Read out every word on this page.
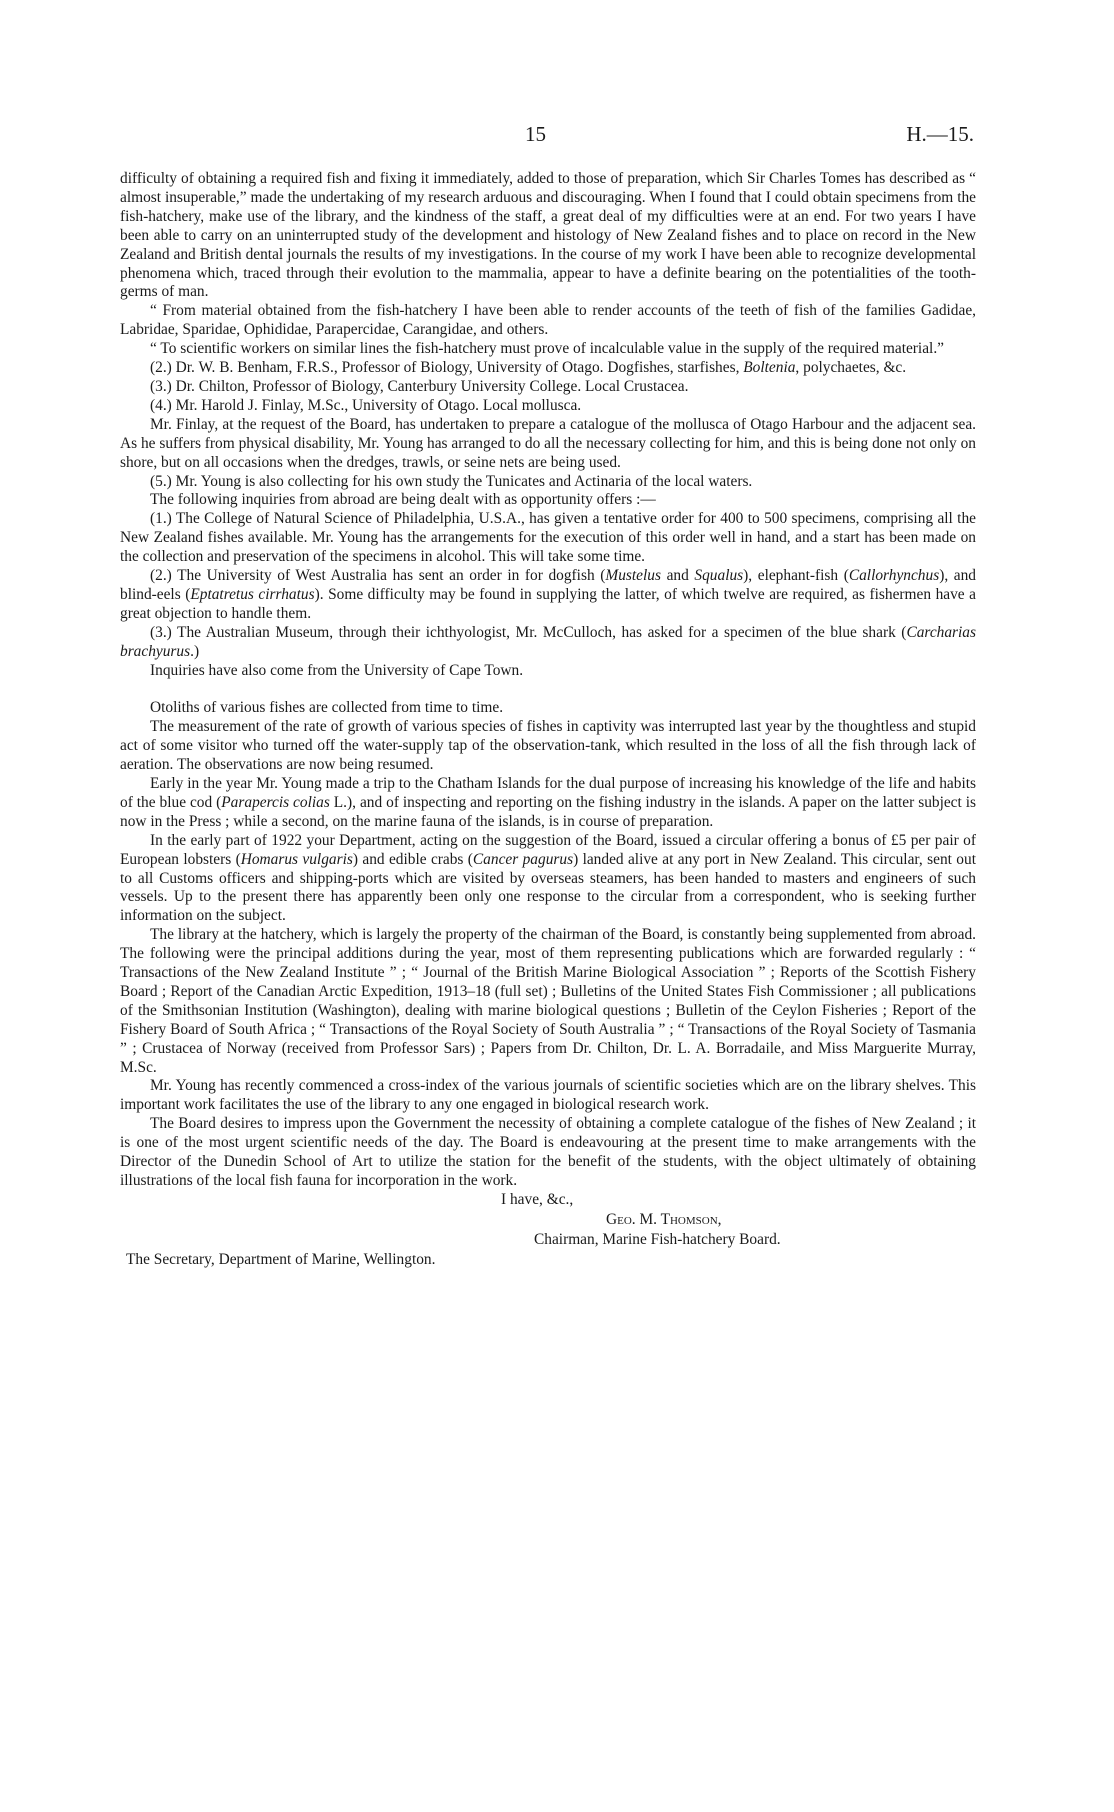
15	H.—15.

difficulty of obtaining a required fish and fixing it immediately, added to those of preparation, which Sir Charles Tomes has described as “ almost insuperable,” made the undertaking of my research arduous and discouraging. When I found that I could obtain specimens from the fish-hatchery, make use of the library, and the kindness of the staff, a great deal of my difficulties were at an end. For two years I have been able to carry on an uninterrupted study of the development and histology of New Zealand fishes and to place on record in the New Zealand and British dental journals the results of my investigations. In the course of my work I have been able to recognize developmental phenomena which, traced through their evolution to the mammalia, appear to have a definite bearing on the potentialities of the tooth-germs of man.

“ From material obtained from the fish-hatchery I have been able to render accounts of the teeth of fish of the families Gadidae, Labridae, Sparidae, Ophididae, Parapercidae, Carangidae, and others.

“ To scientific workers on similar lines the fish-hatchery must prove of incalculable value in the supply of the required material.”

(2.) Dr. W. B. Benham, F.R.S., Professor of Biology, University of Otago. Dogfishes, starfishes, Boltenia, polychaetes, &c.

(3.) Dr. Chilton, Professor of Biology, Canterbury University College. Local Crustacea.

(4.) Mr. Harold J. Finlay, M.Sc., University of Otago. Local mollusca.

Mr. Finlay, at the request of the Board, has undertaken to prepare a catalogue of the mollusca of Otago Harbour and the adjacent sea. As he suffers from physical disability, Mr. Young has arranged to do all the necessary collecting for him, and this is being done not only on shore, but on all occasions when the dredges, trawls, or seine nets are being used.

(5.) Mr. Young is also collecting for his own study the Tunicates and Actinaria of the local waters.

The following inquiries from abroad are being dealt with as opportunity offers :—

(1.) The College of Natural Science of Philadelphia, U.S.A., has given a tentative order for 400 to 500 specimens, comprising all the New Zealand fishes available. Mr. Young has the arrangements for the execution of this order well in hand, and a start has been made on the collection and preservation of the specimens in alcohol. This will take some time.

(2.) The University of West Australia has sent an order in for dogfish (Mustelus and Squalus), elephant-fish (Callorhynchus), and blind-eels (Eptatretus cirrhatus). Some difficulty may be found in supplying the latter, of which twelve are required, as fishermen have a great objection to handle them.

(3.) The Australian Museum, through their ichthyologist, Mr. McCulloch, has asked for a specimen of the blue shark (Carcharias brachyurus.)

Inquiries have also come from the University of Cape Town.

Otoliths of various fishes are collected from time to time.

The measurement of the rate of growth of various species of fishes in captivity was interrupted last year by the thoughtless and stupid act of some visitor who turned off the water-supply tap of the observation-tank, which resulted in the loss of all the fish through lack of aeration. The observations are now being resumed.

Early in the year Mr. Young made a trip to the Chatham Islands for the dual purpose of increasing his knowledge of the life and habits of the blue cod (Parapercis colias L.), and of inspecting and reporting on the fishing industry in the islands. A paper on the latter subject is now in the Press ; while a second, on the marine fauna of the islands, is in course of preparation.

In the early part of 1922 your Department, acting on the suggestion of the Board, issued a circular offering a bonus of £5 per pair of European lobsters (Homarus vulgaris) and edible crabs (Cancer pagurus) landed alive at any port in New Zealand. This circular, sent out to all Customs officers and shipping-ports which are visited by overseas steamers, has been handed to masters and engineers of such vessels. Up to the present there has apparently been only one response to the circular from a correspondent, who is seeking further information on the subject.

The library at the hatchery, which is largely the property of the chairman of the Board, is constantly being supplemented from abroad. The following were the principal additions during the year, most of them representing publications which are forwarded regularly : “ Transactions of the New Zealand Institute ” ; “ Journal of the British Marine Biological Association ” ; Reports of the Scottish Fishery Board ; Report of the Canadian Arctic Expedition, 1913–18 (full set) ; Bulletins of the United States Fish Commissioner ; all publications of the Smithsonian Institution (Washington), dealing with marine biological questions ; Bulletin of the Ceylon Fisheries ; Report of the Fishery Board of South Africa ; “ Transactions of the Royal Society of South Australia ” ; “ Transactions of the Royal Society of Tasmania ” ; Crustacea of Norway (received from Professor Sars) ; Papers from Dr. Chilton, Dr. L. A. Borradaile, and Miss Marguerite Murray, M.Sc.

Mr. Young has recently commenced a cross-index of the various journals of scientific societies which are on the library shelves. This important work facilitates the use of the library to any one engaged in biological research work.

The Board desires to impress upon the Government the necessity of obtaining a complete catalogue of the fishes of New Zealand ; it is one of the most urgent scientific needs of the day. The Board is endeavouring at the present time to make arrangements with the Director of the Dunedin School of Art to utilize the station for the benefit of the students, with the object ultimately of obtaining illustrations of the local fish fauna for incorporation in the work.

I have, &c.,
Geo. M. Thomson,
Chairman, Marine Fish-hatchery Board.
The Secretary, Department of Marine, Wellington.
